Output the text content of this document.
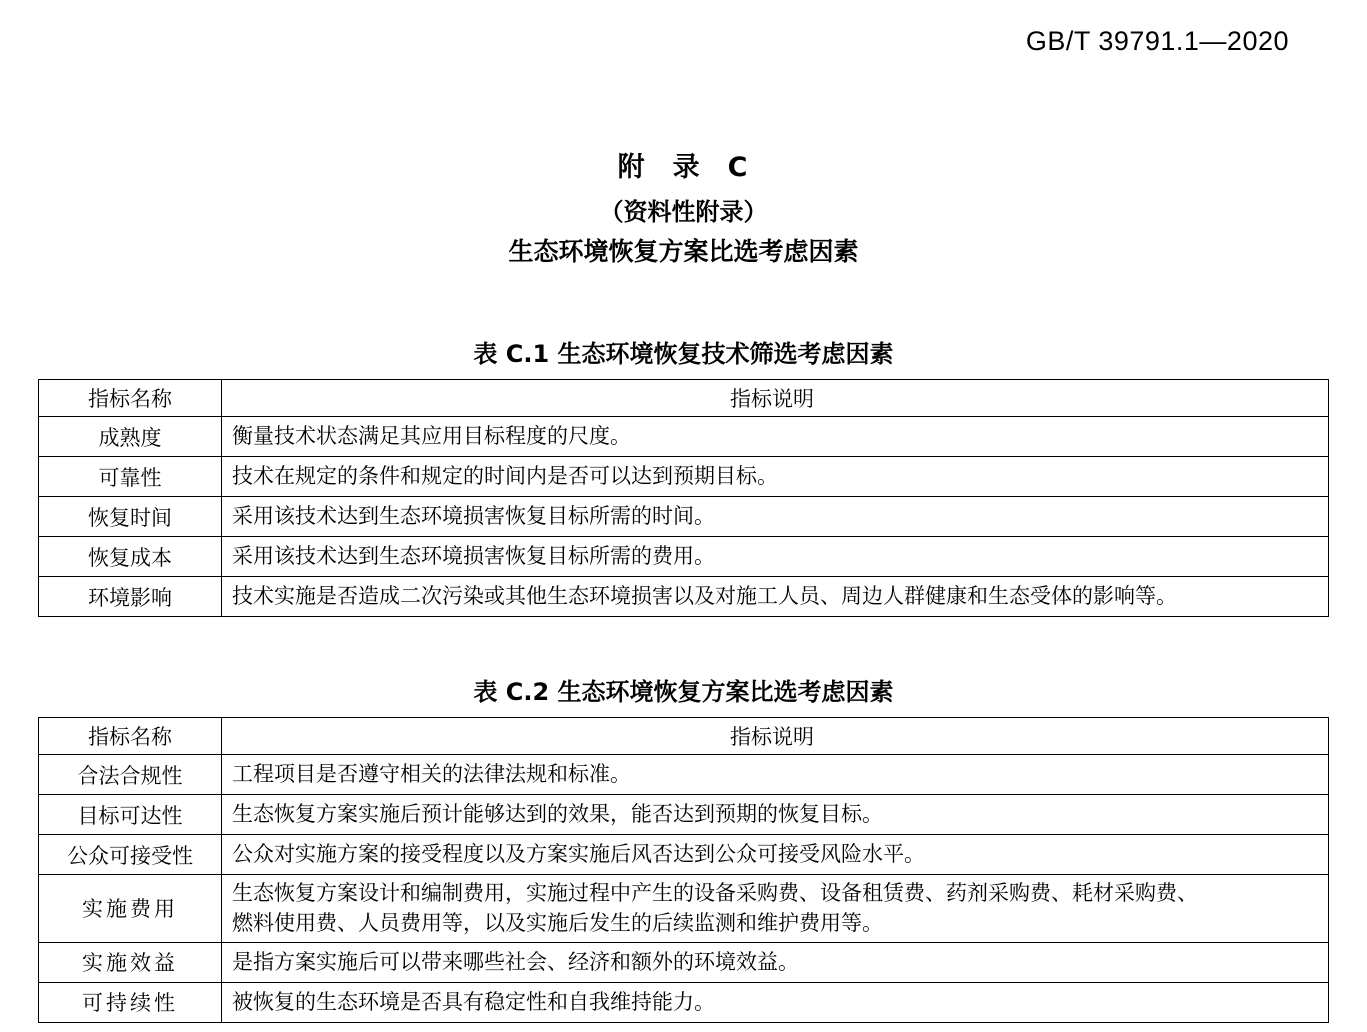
GB/T 39791.1—2020
附 录 C
（资料性附录）
生态环境恢复方案比选考虑因素
表 C.1 生态环境恢复技术筛选考虑因素
指标名称	指标说明
成熟度	衡量技术状态满足其应用目标程度的尺度。

可靠性	技术在规定的条件和规定的时间内是否可以达到预期目标。

恢复时间	采用该技术达到生态环境损害恢复目标所需的时间。

恢复成本	采用该技术达到生态环境损害恢复目标所需的费用。

环境影响	技术实施是否造成二次污染或其他生态环境损害以及对施工人员、周边人群健康和生态受体的影响等。
表 C.2 生态环境恢复方案比选考虑因素
指标名称	指标说明
合法合规性	工程项目是否遵守相关的法律法规和标准。

目标可达性	生态恢复方案实施后预计能够达到的效果，能否达到预期的恢复目标。

公众可接受性	公众对实施方案的接受程度以及方案实施后风否达到公众可接受风险水平。

实施费用	生态恢复方案设计和编制费用，实施过程中产生的设备采购费、设备租赁费、药剂采购费、耗材采购费、
燃料使用费、人员费用等，以及实施后发生的后续监测和维护费用等。

实施效益	是指方案实施后可以带来哪些社会、经济和额外的环境效益。

可持续性	被恢复的生态环境是否具有稳定性和自我维持能力。
